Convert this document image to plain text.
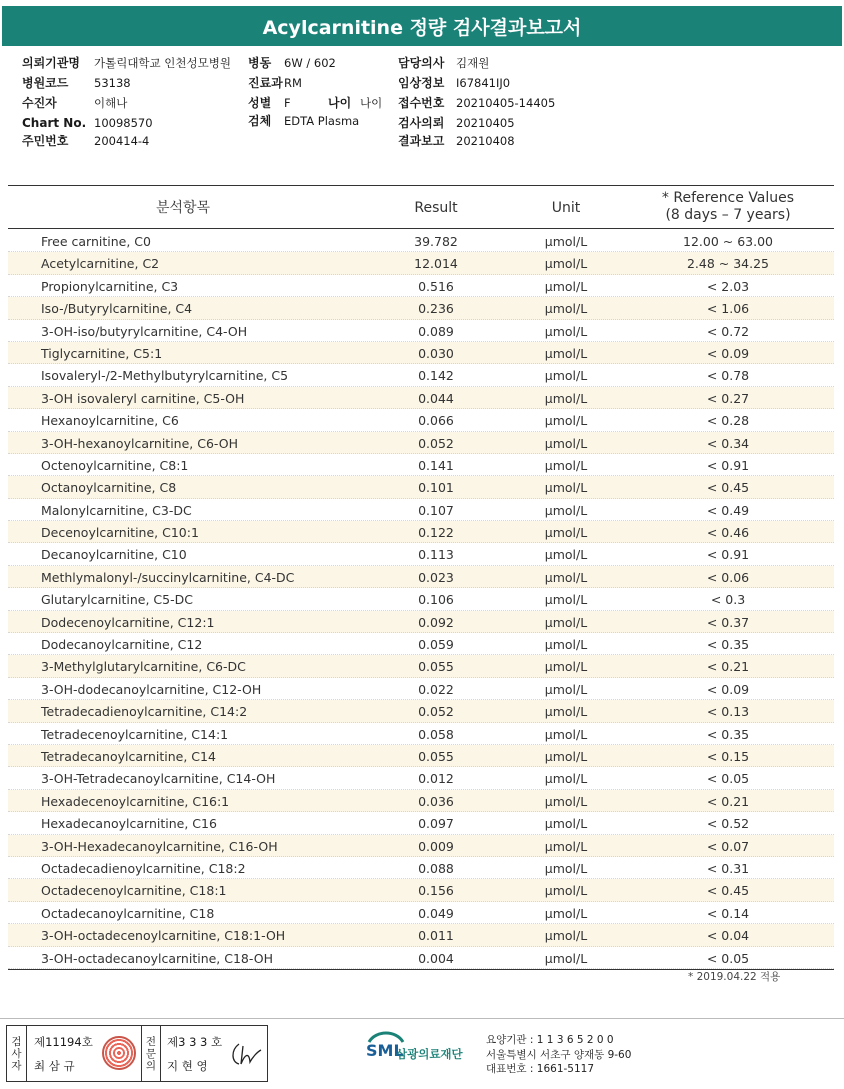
Acylcarnitine 정량 검사결과보고서
의뢰기관명 가톨릭대학교 인천성모병원 병동 6W / 602	담당의사 김재원
병원코드 53138	진료과 RM	임상정보 I67841IJ0
수진자	이해나	성별 F	나이 나이 접수번호 20210405-14405
Chart No. 10098570	검체 EDTA Plasma	검사의뢰 20210405
주민번호 200414-4	결과보고 20210408
분석항목	Result	Unit
* Reference Values
(8 days – 7 years)
Free carnitine, C0	39.782	µmol/L	12.00 ~ 63.00
Acetylcarnitine, C2	12.014	µmol/L	2.48 ~ 34.25
Propionylcarnitine, C3	0.516	µmol/L	< 2.03
Iso-/Butyrylcarnitine, C4	0.236	µmol/L	< 1.06
3-OH-iso/butyrylcarnitine, C4-OH	0.089	µmol/L	< 0.72
Tiglycarnitine, C5:1	0.030	µmol/L	< 0.09
Isovaleryl-/2-Methylbutyrylcarnitine, C5	0.142	µmol/L	< 0.78
3-OH isovaleryl carnitine, C5-OH	0.044	µmol/L	< 0.27
Hexanoylcarnitine, C6	0.066	µmol/L	< 0.28
3-OH-hexanoylcarnitine, C6-OH	0.052	µmol/L	< 0.34
Octenoylcarnitine, C8:1	0.141	µmol/L	< 0.91
Octanoylcarnitine, C8	0.101	µmol/L	< 0.45
Malonylcarnitine, C3-DC	0.107	µmol/L	< 0.49
Decenoylcarnitine, C10:1	0.122	µmol/L	< 0.46
Decanoylcarnitine, C10	0.113	µmol/L	< 0.91
Methlymalonyl-/succinylcarnitine, C4-DC	0.023	µmol/L	< 0.06
Glutarylcarnitine, C5-DC	0.106	µmol/L	< 0.3
Dodecenoylcarnitine, C12:1	0.092	µmol/L	< 0.37
Dodecanoylcarnitine, C12	0.059	µmol/L	< 0.35
3-Methylglutarylcarnitine, C6-DC	0.055	µmol/L	< 0.21
3-OH-dodecanoylcarnitine, C12-OH	0.022	µmol/L	< 0.09
Tetradecadienoylcarnitine, C14:2	0.052	µmol/L	< 0.13
Tetradecenoylcarnitine, C14:1	0.058	µmol/L	< 0.35
Tetradecanoylcarnitine, C14	0.055	µmol/L	< 0.15
3-OH-Tetradecanoylcarnitine, C14-OH	0.012	µmol/L	< 0.05
Hexadecenoylcarnitine, C16:1	0.036	µmol/L	< 0.21
Hexadecanoylcarnitine, C16	0.097	µmol/L	< 0.52
3-OH-Hexadecanoylcarnitine, C16-OH	0.009	µmol/L	< 0.07
Octadecadienoylcarnitine, C18:2	0.088	µmol/L	< 0.31
Octadecenoylcarnitine, C18:1	0.156	µmol/L	< 0.45
Octadecanoylcarnitine, C18	0.049	µmol/L	< 0.14
3-OH-octadecenoylcarnitine, C18:1-OH	0.011	µmol/L	< 0.04
3-OH-octadecanoylcarnitine, C18-OH	0.004	µmol/L	< 0.05
* 2019.04.22 적용
검
사
자
제11194호
최 삼 규
전
문
의
제3 3 3 호
지 현 영
SML
삼광의료재단
요양기관 : 1 1 3 6 5 2 0 0
서울특별시 서초구 양재동 9-60
대표번호 : 1661-5117
